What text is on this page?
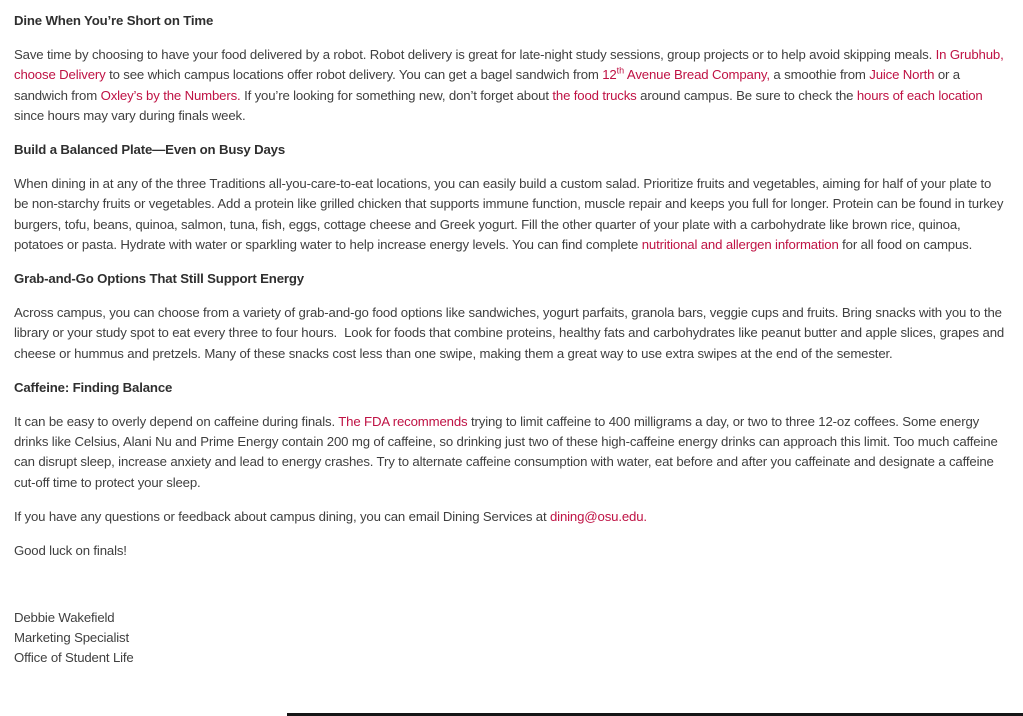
Dine When You’re Short on Time

Save time by choosing to have your food delivered by a robot. Robot delivery is great for late-night study sessions, group projects or to help avoid skipping meals. In Grubhub, choose Delivery to see which campus locations offer robot delivery. You can get a bagel sandwich from 12th Avenue Bread Company, a smoothie from Juice North or a sandwich from Oxley’s by the Numbers. If you’re looking for something new, don’t forget about the food trucks around campus. Be sure to check the hours of each location since hours may vary during finals week.

Build a Balanced Plate—Even on Busy Days

When dining in at any of the three Traditions all-you-care-to-eat locations, you can easily build a custom salad. Prioritize fruits and vegetables, aiming for half of your plate to be non-starchy fruits or vegetables. Add a protein like grilled chicken that supports immune function, muscle repair and keeps you full for longer. Protein can be found in turkey burgers, tofu, beans, quinoa, salmon, tuna, fish, eggs, cottage cheese and Greek yogurt. Fill the other quarter of your plate with a carbohydrate like brown rice, quinoa, potatoes or pasta. Hydrate with water or sparkling water to help increase energy levels. You can find complete nutritional and allergen information for all food on campus.

Grab-and-Go Options That Still Support Energy

Across campus, you can choose from a variety of grab-and-go food options like sandwiches, yogurt parfaits, granola bars, veggie cups and fruits. Bring snacks with you to the library or your study spot to eat every three to four hours.  Look for foods that combine proteins, healthy fats and carbohydrates like peanut butter and apple slices, grapes and cheese or hummus and pretzels. Many of these snacks cost less than one swipe, making them a great way to use extra swipes at the end of the semester.

Caffeine: Finding Balance

It can be easy to overly depend on caffeine during finals. The FDA recommends trying to limit caffeine to 400 milligrams a day, or two to three 12-oz coffees. Some energy drinks like Celsius, Alani Nu and Prime Energy contain 200 mg of caffeine, so drinking just two of these high-caffeine energy drinks can approach this limit. Too much caffeine can disrupt sleep, increase anxiety and lead to energy crashes. Try to alternate caffeine consumption with water, eat before and after you caffeinate and designate a caffeine cut-off time to protect your sleep.

If you have any questions or feedback about campus dining, you can email Dining Services at dining@osu.edu.

Good luck on finals!

Debbie Wakefield
Marketing Specialist
Office of Student Life
